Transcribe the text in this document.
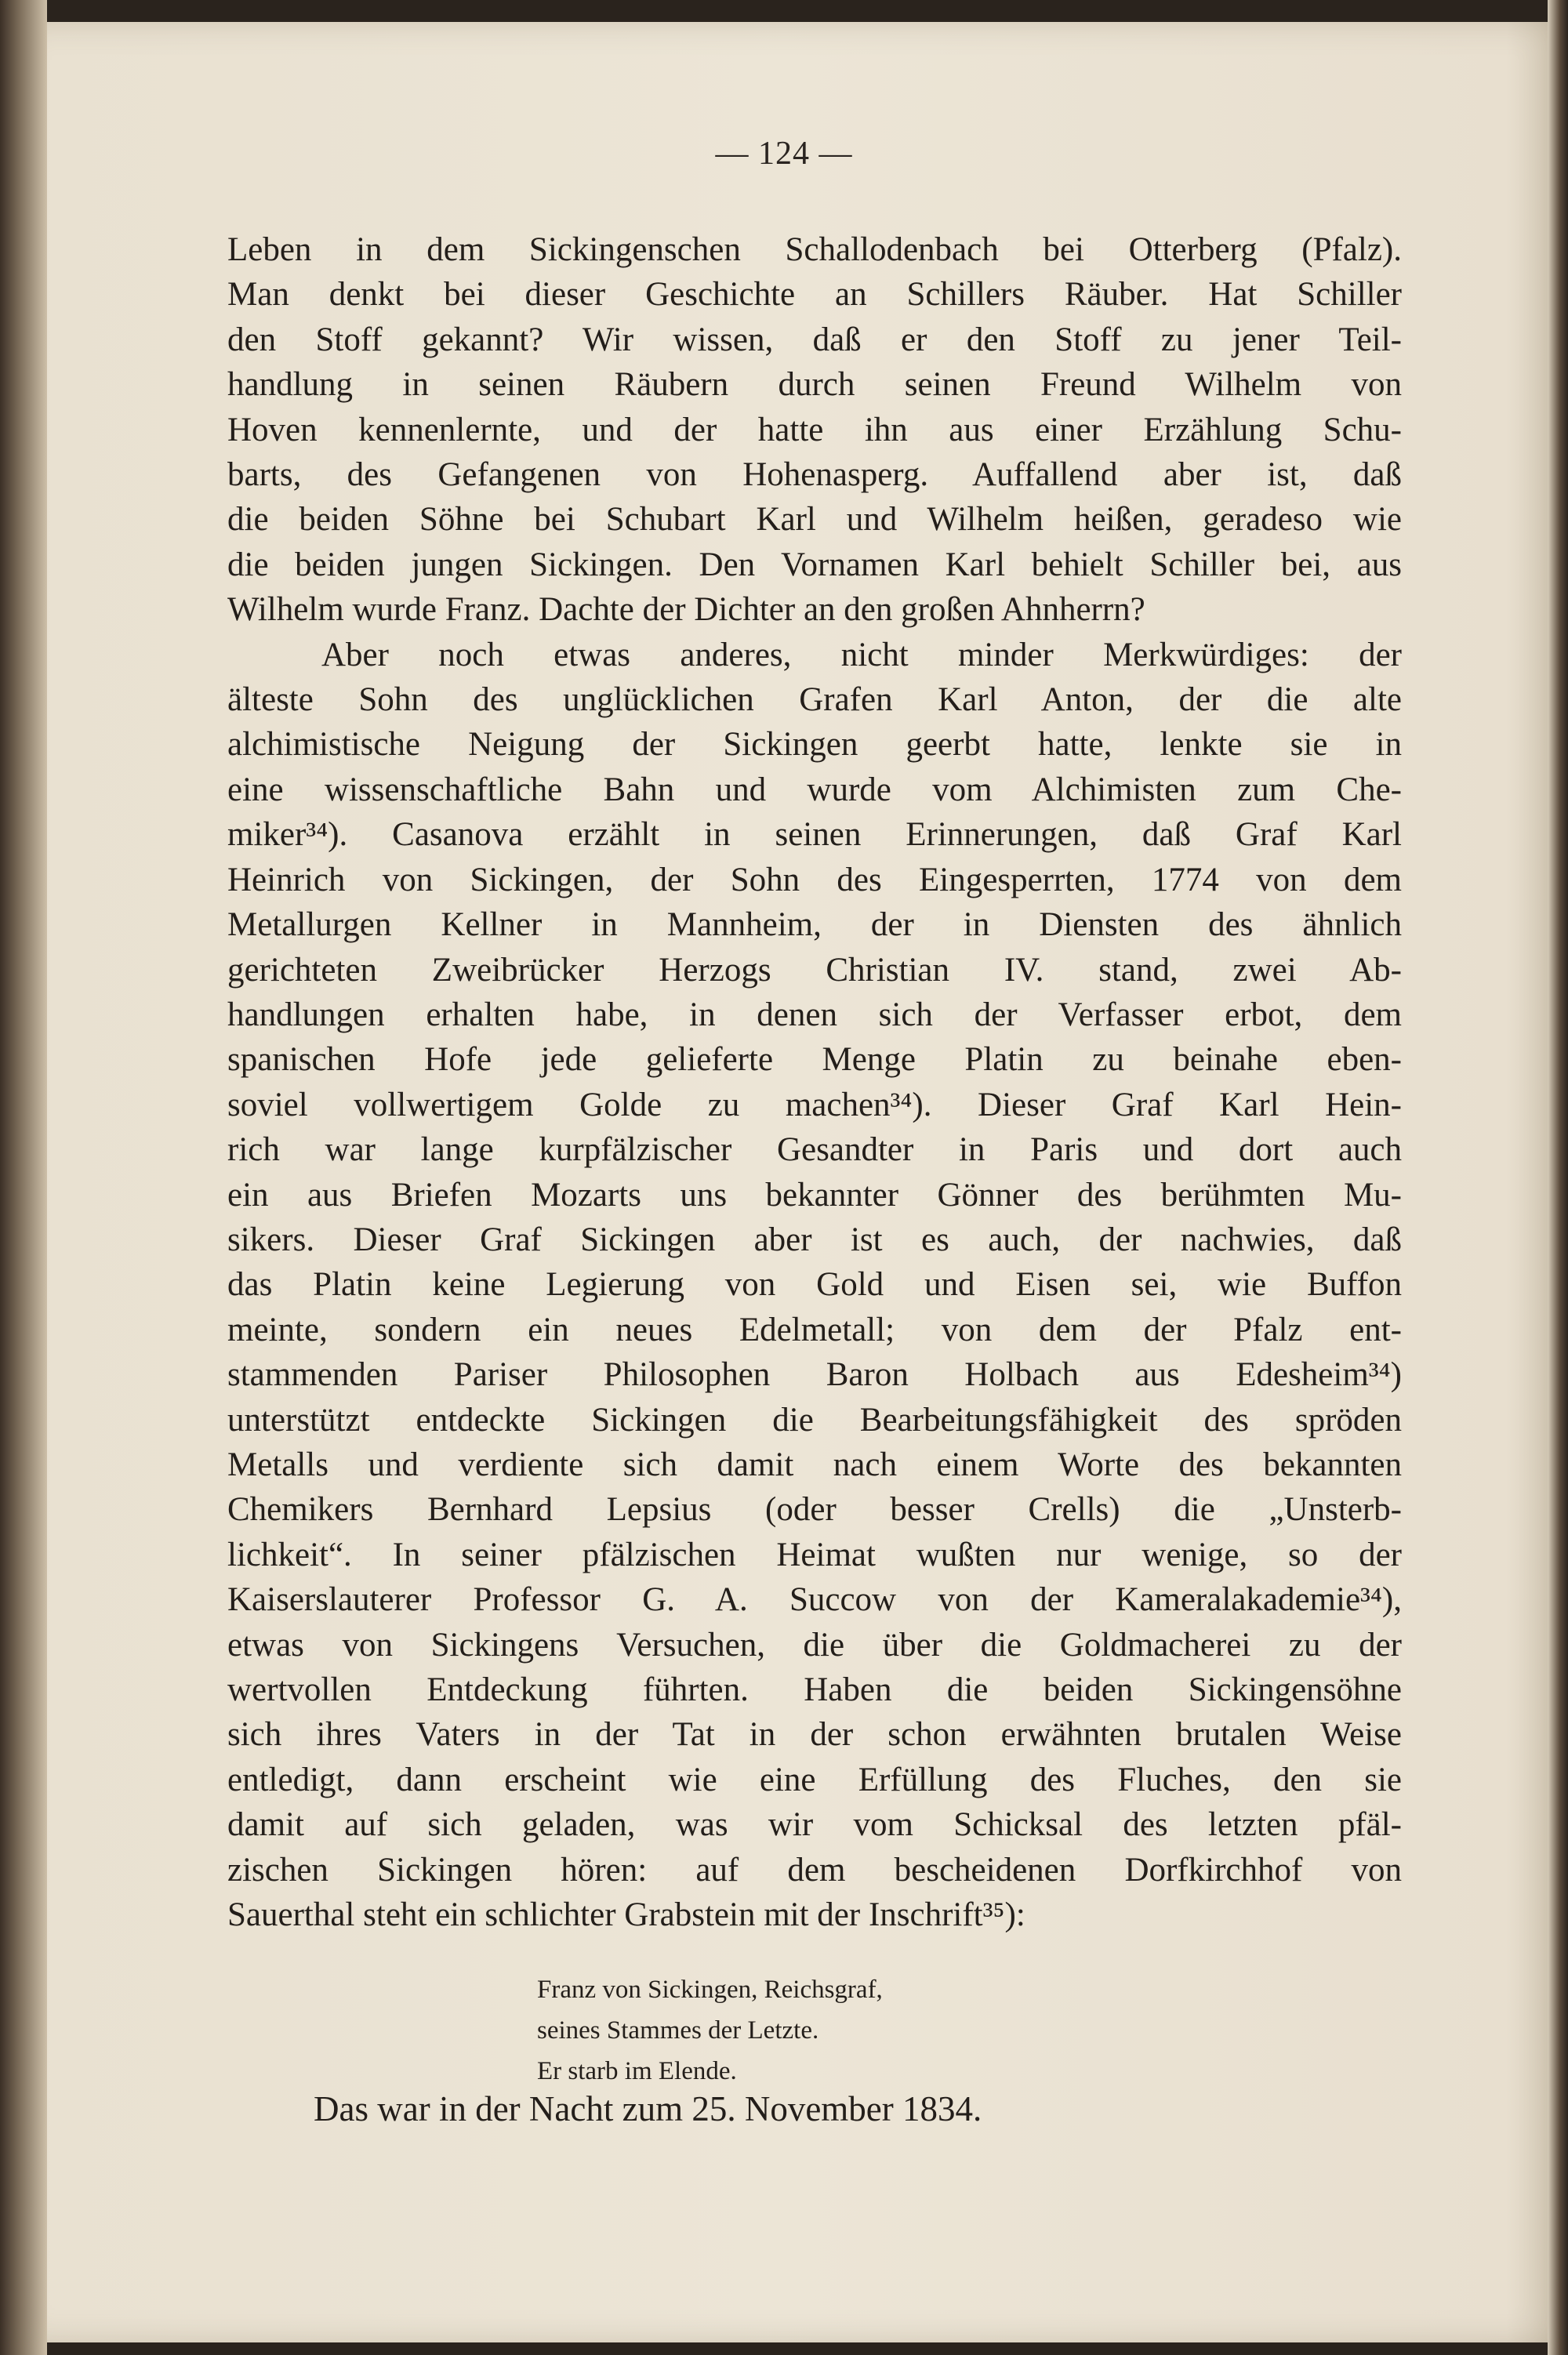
— 124 —
Leben in dem Sickingenschen Schallodenbach bei Otterberg (Pfalz).
Man denkt bei dieser Geschichte an Schillers Räuber. Hat Schiller
den Stoff gekannt? Wir wissen, daß er den Stoff zu jener Teil-
handlung in seinen Räubern durch seinen Freund Wilhelm von
Hoven kennenlernte, und der hatte ihn aus einer Erzählung Schu-
barts, des Gefangenen von Hohenasperg. Auffallend aber ist, daß
die beiden Söhne bei Schubart Karl und Wilhelm heißen, geradeso wie
die beiden jungen Sickingen. Den Vornamen Karl behielt Schiller bei, aus
Wilhelm wurde Franz. Dachte der Dichter an den großen Ahnherrn?
Aber noch etwas anderes, nicht minder Merkwürdiges: der
älteste Sohn des unglücklichen Grafen Karl Anton, der die alte
alchimistische Neigung der Sickingen geerbt hatte, lenkte sie in
eine wissenschaftliche Bahn und wurde vom Alchimisten zum Che-
miker³⁴). Casanova erzählt in seinen Erinnerungen, daß Graf Karl
Heinrich von Sickingen, der Sohn des Eingesperrten, 1774 von dem
Metallurgen Kellner in Mannheim, der in Diensten des ähnlich
gerichteten Zweibrücker Herzogs Christian IV. stand, zwei Ab-
handlungen erhalten habe, in denen sich der Verfasser erbot, dem
spanischen Hofe jede gelieferte Menge Platin zu beinahe eben-
soviel vollwertigem Golde zu machen³⁴). Dieser Graf Karl Hein-
rich war lange kurpfälzischer Gesandter in Paris und dort auch
ein aus Briefen Mozarts uns bekannter Gönner des berühmten Mu-
sikers. Dieser Graf Sickingen aber ist es auch, der nachwies, daß
das Platin keine Legierung von Gold und Eisen sei, wie Buffon
meinte, sondern ein neues Edelmetall; von dem der Pfalz ent-
stammenden Pariser Philosophen Baron Holbach aus Edesheim³⁴)
unterstützt entdeckte Sickingen die Bearbeitungsfähigkeit des spröden
Metalls und verdiente sich damit nach einem Worte des bekannten
Chemikers Bernhard Lepsius (oder besser Crells) die „Unsterb-
lichkeit“. In seiner pfälzischen Heimat wußten nur wenige, so der
Kaiserslauterer Professor G. A. Succow von der Kameralakademie³⁴),
etwas von Sickingens Versuchen, die über die Goldmacherei zu der
wertvollen Entdeckung führten. Haben die beiden Sickingensöhne
sich ihres Vaters in der Tat in der schon erwähnten brutalen Weise
entledigt, dann erscheint wie eine Erfüllung des Fluches, den sie
damit auf sich geladen, was wir vom Schicksal des letzten pfäl-
zischen Sickingen hören: auf dem bescheidenen Dorfkirchhof von
Sauerthal steht ein schlichter Grabstein mit der Inschrift³⁵):
Franz von Sickingen, Reichsgraf,
seines Stammes der Letzte.
Er starb im Elende.
Das war in der Nacht zum 25. November 1834.
